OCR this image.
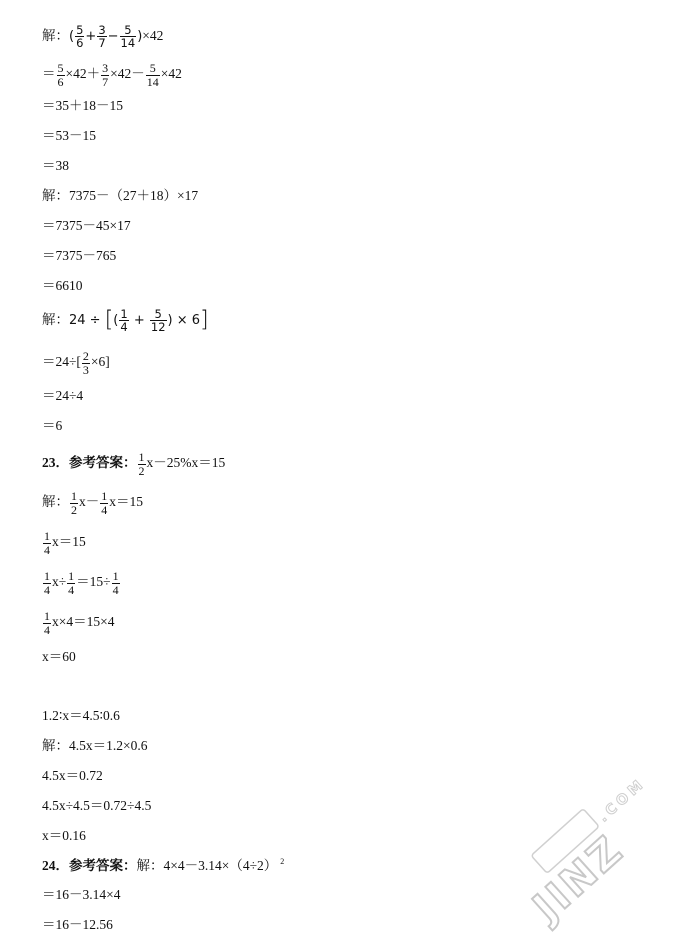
解：( $\frac{5}{6} + \frac{3}{7} - \frac{5}{14} )\times 42$
＝ $\frac{5}{6} \times 42+ \frac{3}{7} \times 42- \frac{5}{14} \times 42$
＝35＋18－15
＝53－15
＝38
解：7375－（27＋18）×17
＝7375－45×17
＝7375－765
＝6610
解：24 ÷ [( $\frac{1}{4} + \frac{5}{12}$ ) × 6]
$=24\div[ \frac{2}{3} \times 6]$
＝24÷4
＝6
23．参考答案： $\frac{1}{2} x-25\%x=15$
解： $\frac{1}{2} x- \frac{1}{4} x=15$
$\frac{1}{4} x=15$
$\frac{1}{4} x\div \frac{1}{4} =15\div \frac{1}{4}$
$\frac{1}{4} x\times 4=15\times 4$
x＝60
1.2∶x＝4.5∶0.6
解：4.5x＝1.2×0.6
4.5x＝0.72
4.5x÷4.5＝0.72÷4.5
x＝0.16
24．参考答案：解：4×4－3.14×（4÷2） $^2$
＝16－3.14×4
＝16－12.56	JINZ
.COM
